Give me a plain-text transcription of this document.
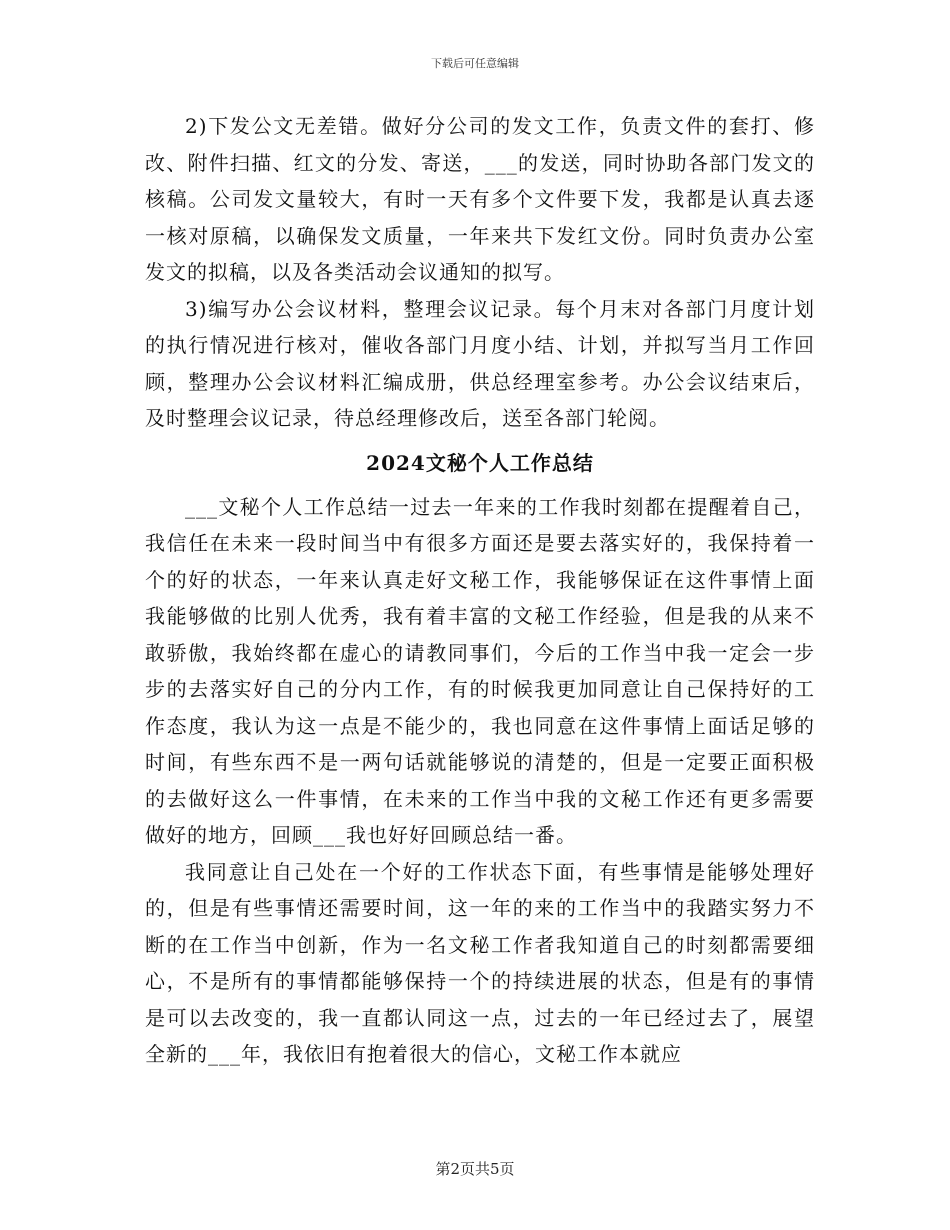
下载后可任意编辑

2)下发公文无差错。做好分公司的发文工作，负责文件的套打、修改、附件扫描、红文的分发、寄送，___的发送，同时协助各部门发文的核稿。公司发文量较大，有时一天有多个文件要下发，我都是认真去逐一核对原稿，以确保发文质量，一年来共下发红文份。同时负责办公室发文的拟稿，以及各类活动会议通知的拟写。

3)编写办公会议材料，整理会议记录。每个月末对各部门月度计划的执行情况进行核对，催收各部门月度小结、计划，并拟写当月工作回顾，整理办公会议材料汇编成册，供总经理室参考。办公会议结束后，及时整理会议记录，待总经理修改后，送至各部门轮阅。

2024文秘个人工作总结

___文秘个人工作总结一过去一年来的工作我时刻都在提醒着自己，我信任在未来一段时间当中有很多方面还是要去落实好的，我保持着一个的好的状态，一年来认真走好文秘工作，我能够保证在这件事情上面我能够做的比别人优秀，我有着丰富的文秘工作经验，但是我的从来不敢骄傲，我始终都在虚心的请教同事们，今后的工作当中我一定会一步步的去落实好自己的分内工作，有的时候我更加同意让自己保持好的工作态度，我认为这一点是不能少的，我也同意在这件事情上面话足够的时间，有些东西不是一两句话就能够说的清楚的，但是一定要正面积极的去做好这么一件事情，在未来的工作当中我的文秘工作还有更多需要做好的地方，回顾___我也好好回顾总结一番。

我同意让自己处在一个好的工作状态下面，有些事情是能够处理好的，但是有些事情还需要时间，这一年的来的工作当中的我踏实努力不断的在工作当中创新，作为一名文秘工作者我知道自己的时刻都需要细心，不是所有的事情都能够保持一个的持续进展的状态，但是有的事情是可以去改变的，我一直都认同这一点，过去的一年已经过去了，展望全新的___年，我依旧有抱着很大的信心，文秘工作本就应

第2页共5页
